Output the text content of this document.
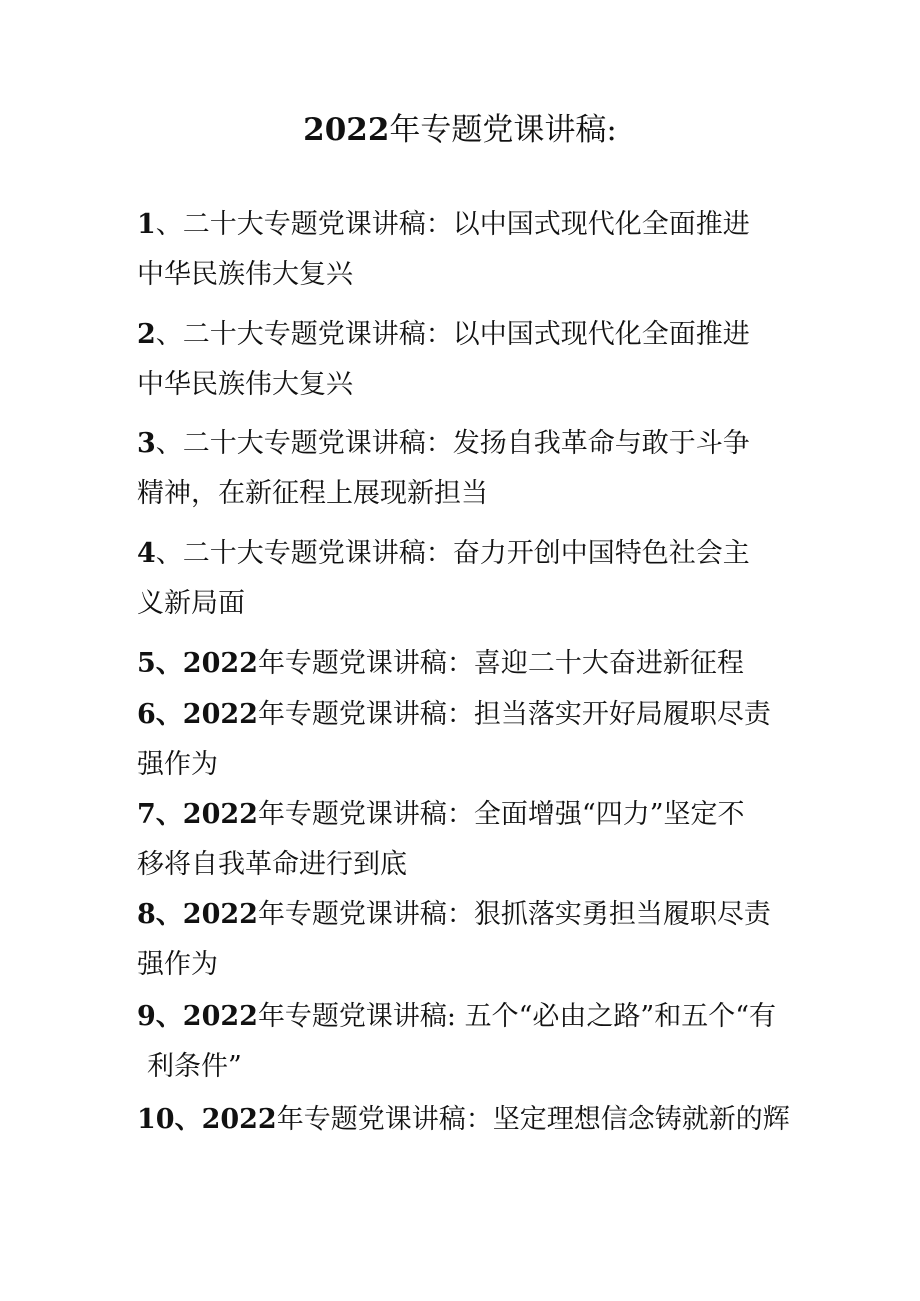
2022年专题党课讲稿:
1、二十大专题党课讲稿：以中国式现代化全面推进
中华民族伟大复兴
2、二十大专题党课讲稿：以中国式现代化全面推进
中华民族伟大复兴
3、二十大专题党课讲稿：发扬自我革命与敢于斗争
精神，在新征程上展现新担当
4、二十大专题党课讲稿：奋力开创中国特色社会主
义新局面
5、2022年专题党课讲稿：喜迎二十大奋进新征程
6、2022年专题党课讲稿：担当落实开好局履职尽责
强作为
7、2022年专题党课讲稿：全面增强“四力”坚定不
移将自我革命进行到底
8、2022年专题党课讲稿：狠抓落实勇担当履职尽责
强作为
9、2022年专题党课讲稿: 五个“必由之路”和五个“有
利条件”
10、2022年专题党课讲稿：坚定理想信念铸就新的辉
